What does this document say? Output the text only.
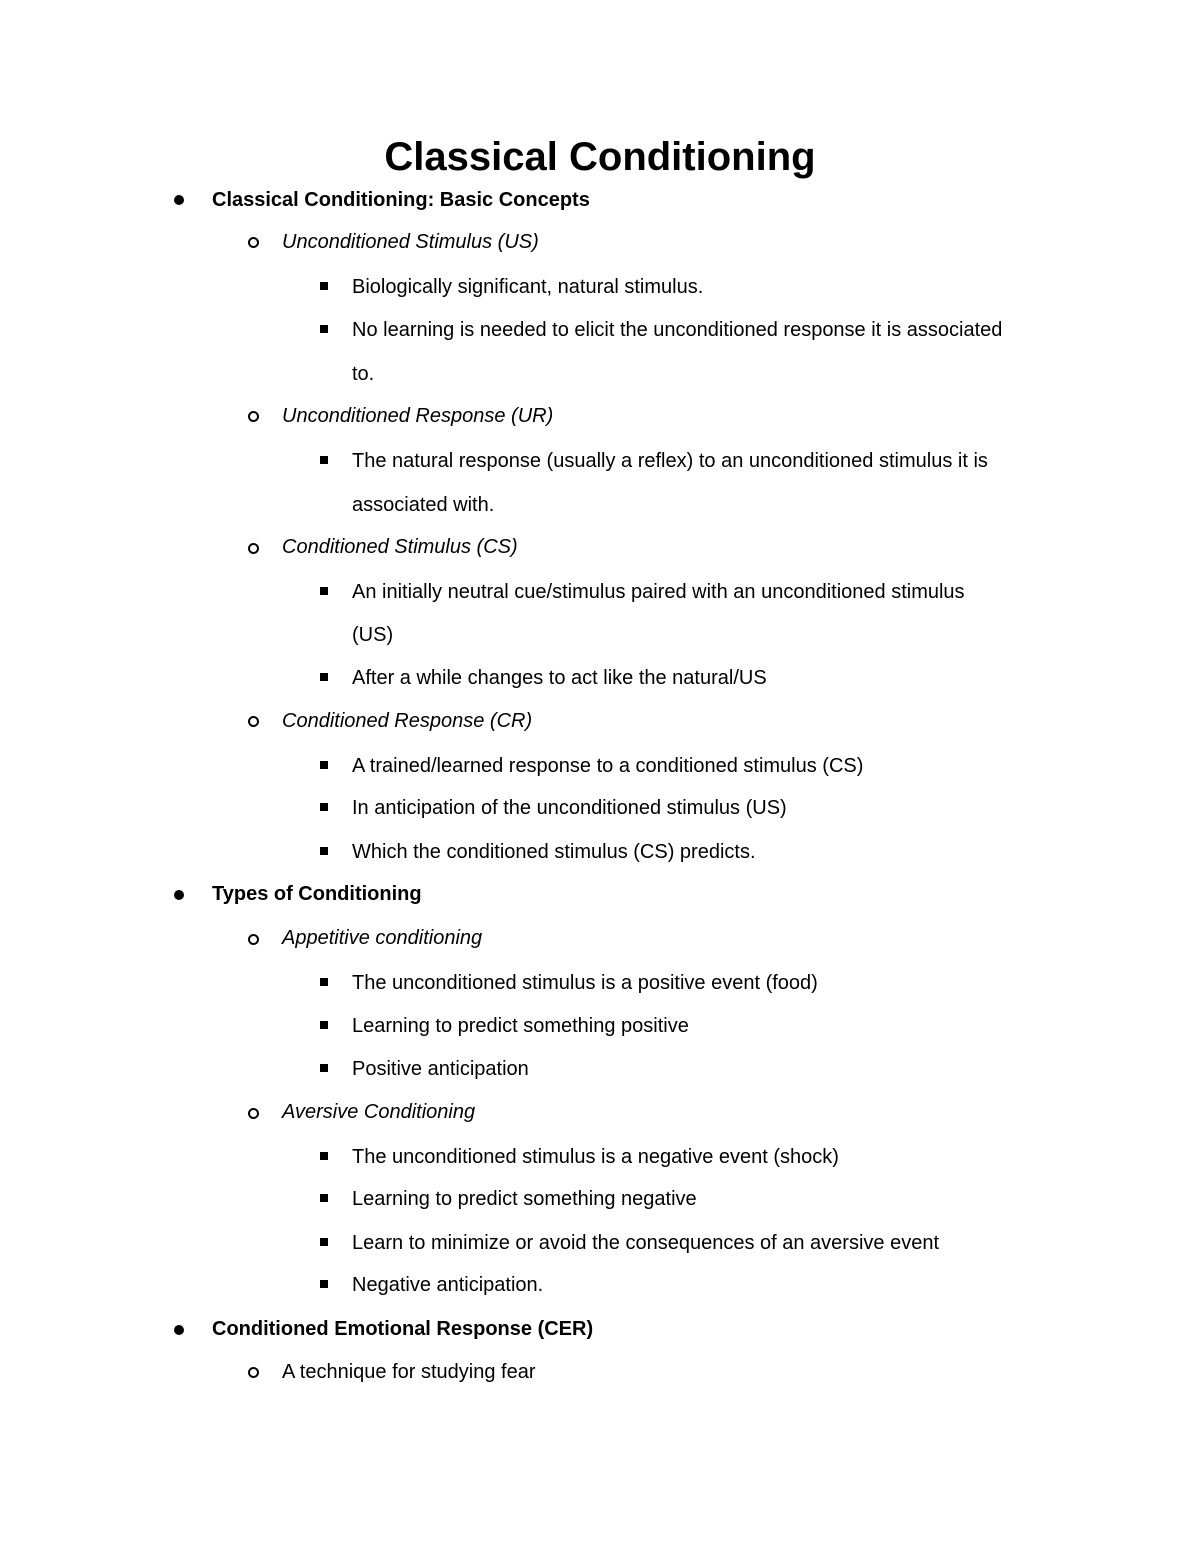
Classical Conditioning
Classical Conditioning: Basic Concepts
Unconditioned Stimulus (US)
Biologically significant, natural stimulus.
No learning is needed to elicit the unconditioned response it is associated
to.
Unconditioned Response (UR)
The natural response (usually a reflex) to an unconditioned stimulus it is
associated with.
Conditioned Stimulus (CS)
An initially neutral cue/stimulus paired with an unconditioned stimulus
(US)
After a while changes to act like the natural/US
Conditioned Response (CR)
A trained/learned response to a conditioned stimulus (CS)
In anticipation of the unconditioned stimulus (US)
Which the conditioned stimulus (CS) predicts.
Types of Conditioning
Appetitive conditioning
The unconditioned stimulus is a positive event (food)
Learning to predict something positive
Positive anticipation
Aversive Conditioning
The unconditioned stimulus is a negative event (shock)
Learning to predict something negative
Learn to minimize or avoid the consequences of an aversive event
Negative anticipation.
Conditioned Emotional Response (CER)
A technique for studying fear
